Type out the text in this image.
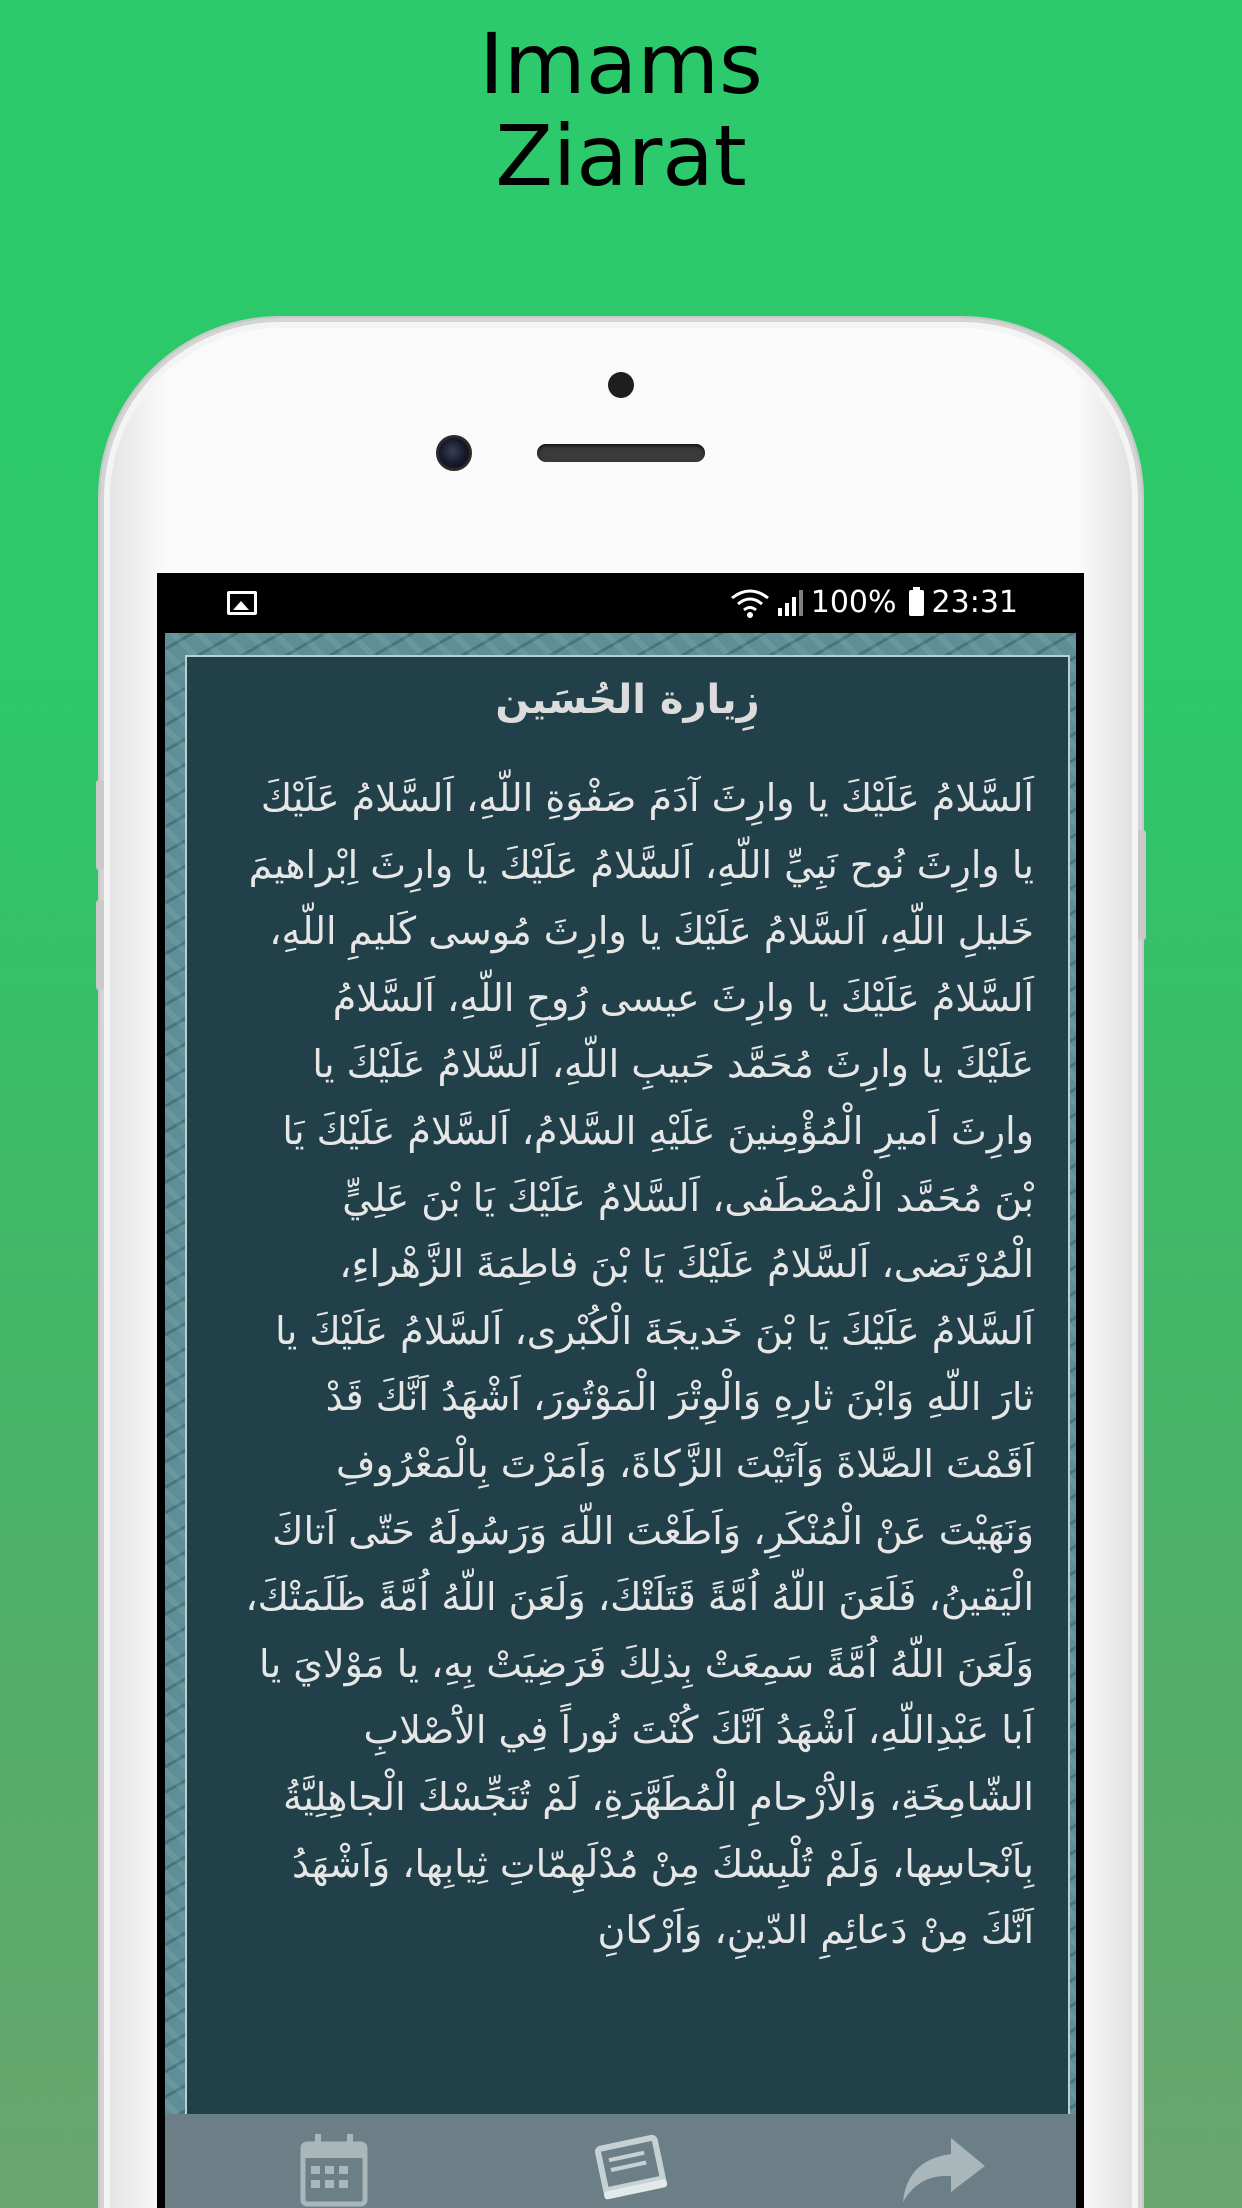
Imams
Ziarat
100% 23:31
زِيارة الحُسَين
اَلسَّلامُ عَلَيْكَ يا وارِثَ آدَمَ صَفْوَةِ اللّهِ، اَلسَّلامُ عَلَيْكَ يا وارِثَ نُوح نَبِيِّ اللّهِ، اَلسَّلامُ عَلَيْكَ يا وارِثَ اِبْراهيمَ خَليلِ اللّهِ، اَلسَّلامُ عَلَيْكَ يا وارِثَ مُوسى كَليمِ اللّهِ، اَلسَّلامُ عَلَيْكَ يا وارِثَ عيسى رُوحِ اللّهِ، اَلسَّلامُ عَلَيْكَ يا وارِثَ مُحَمَّد حَبيبِ اللّهِ، اَلسَّلامُ عَلَيْكَ يا وارِثَ اَميرِ الْمُؤْمِنينَ عَلَيْهِ السَّلامُ، اَلسَّلامُ عَلَيْكَ يَا بْنَ مُحَمَّد الْمُصْطَفى، اَلسَّلامُ عَلَيْكَ يَا بْنَ عَلِيٍّ الْمُرْتَضى، اَلسَّلامُ عَلَيْكَ يَا بْنَ فاطِمَةَ الزَّهْراءِ، اَلسَّلامُ عَلَيْكَ يَا بْنَ خَديجَةَ الْكُبْرى، اَلسَّلامُ عَلَيْكَ يا ثارَ اللّهِ وَابْنَ ثارِهِ وَالْوِتْرَ الْمَوْتُورَ، اَشْهَدُ اَنَّكَ قَدْ اَقَمْتَ الصَّلاةَ وَآتَيْتَ الزَّكاةَ، وَاَمَرْتَ بِالْمَعْرُوفِ وَنَهَيْتَ عَنْ الْمُنْكَرِ، وَاَطَعْتَ اللّهَ وَرَسُولَهُ حَتّى اَتاكَ الْيَقينُ، فَلَعَنَ اللّهُ اُمَّةً قَتَلَتْكَ، وَلَعَنَ اللّهُ اُمَّةً ظَلَمَتْكَ، وَلَعَنَ اللّهُ اُمَّةً سَمِعَتْ بِذلِكَ فَرَضِيَتْ بِهِ، يا مَوْلايَ يا اَبا عَبْدِاللّهِ، اَشْهَدُ اَنَّكَ كُنْتَ نُوراً فِي الاَْصْلابِ الشّامِخَةِ، وَالاَْرْحامِ الْمُطَهَّرَةِ، لَمْ تُنَجِّسْكَ الْجاهِلِيَّةُ بِاَنْجاسِها، وَلَمْ تُلْبِسْكَ مِنْ مُدْلَهِمّاتِ ثِيابِها، وَاَشْهَدُ اَنَّكَ مِنْ دَعائِمِ الدّينِ، وَاَرْكانِ
